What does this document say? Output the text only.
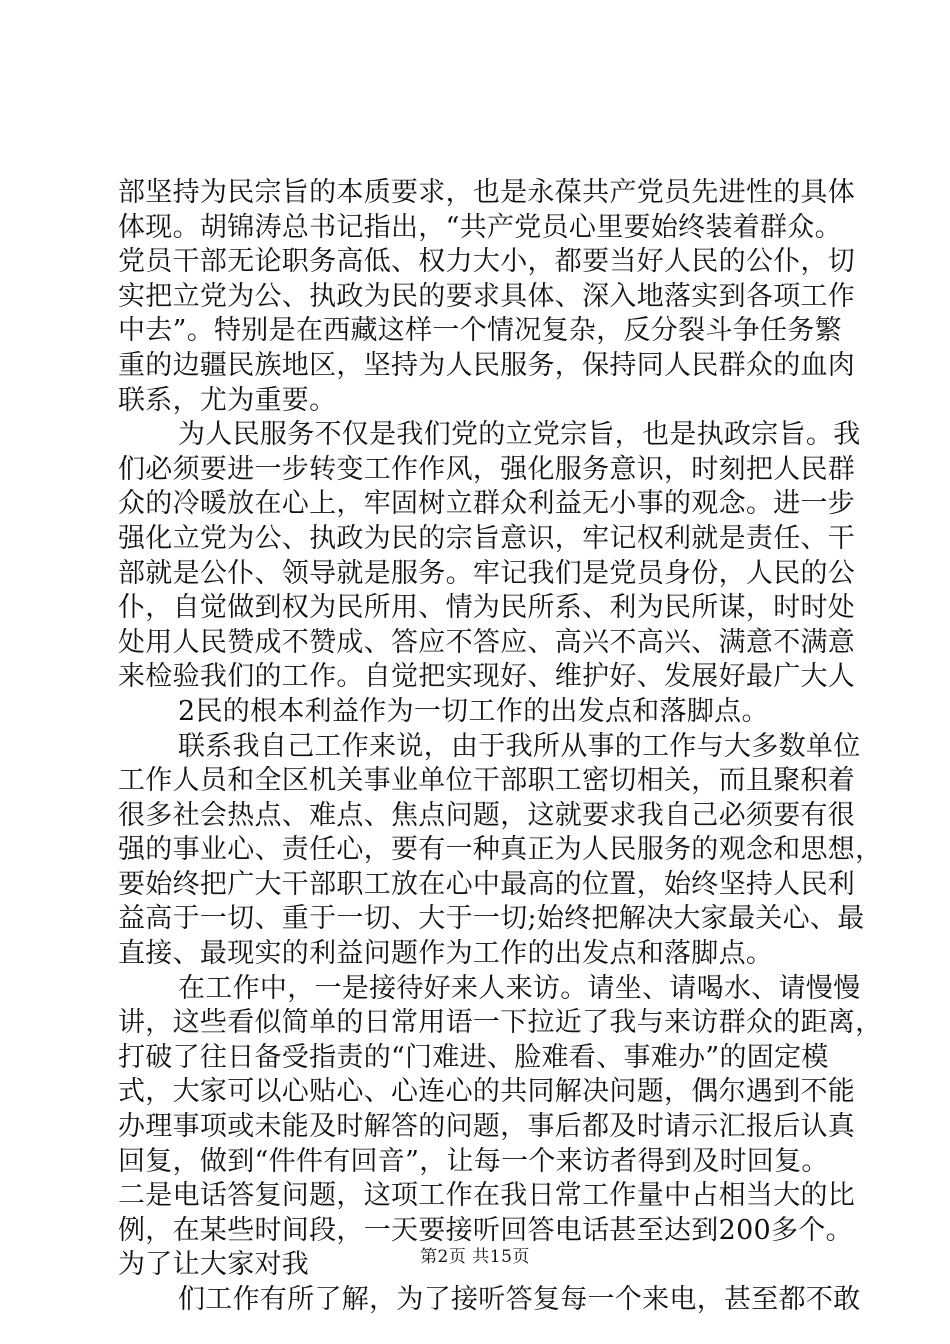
部坚持为民宗旨的本质要求，也是永葆共产党员先进性的具体
体现。胡锦涛总书记指出，“共产党员心里要始终装着群众。
党员干部无论职务高低、权力大小，都要当好人民的公仆，切
实把立党为公、执政为民的要求具体、深入地落实到各项工作
中去”。特别是在西藏这样一个情况复杂，反分裂斗争任务繁
重的边疆民族地区，坚持为人民服务，保持同人民群众的血肉
联系，尤为重要。
为人民服务不仅是我们党的立党宗旨，也是执政宗旨。我
们必须要进一步转变工作作风，强化服务意识，时刻把人民群
众的冷暖放在心上，牢固树立群众利益无小事的观念。进一步
强化立党为公、执政为民的宗旨意识，牢记权利就是责任、干
部就是公仆、领导就是服务。牢记我们是党员身份，人民的公
仆，自觉做到权为民所用、情为民所系、利为民所谋，时时处
处用人民赞成不赞成、答应不答应、高兴不高兴、满意不满意
来检验我们的工作。自觉把实现好、维护好、发展好最广大人
2民的根本利益作为一切工作的出发点和落脚点。
联系我自己工作来说，由于我所从事的工作与大多数单位
工作人员和全区机关事业单位干部职工密切相关，而且聚积着
很多社会热点、难点、焦点问题，这就要求我自己必须要有很
强的事业心、责任心，要有一种真正为人民服务的观念和思想，
要始终把广大干部职工放在心中最高的位置，始终坚持人民利
益高于一切、重于一切、大于一切;始终把解决大家最关心、最
直接、最现实的利益问题作为工作的出发点和落脚点。
在工作中，一是接待好来人来访。请坐、请喝水、请慢慢
讲，这些看似简单的日常用语一下拉近了我与来访群众的距离，
打破了往日备受指责的“门难进、脸难看、事难办”的固定模
式，大家可以心贴心、心连心的共同解决问题，偶尔遇到不能
办理事项或未能及时解答的问题，事后都及时请示汇报后认真
回复，做到“件件有回音”，让每一个来访者得到及时回复。
二是电话答复问题，这项工作在我日常工作量中占相当大的比
例，在某些时间段，一天要接听回答电话甚至达到200多个。
为了让大家对我
们工作有所了解，为了接听答复每一个来电，甚至都不敢
第2页 共15页
